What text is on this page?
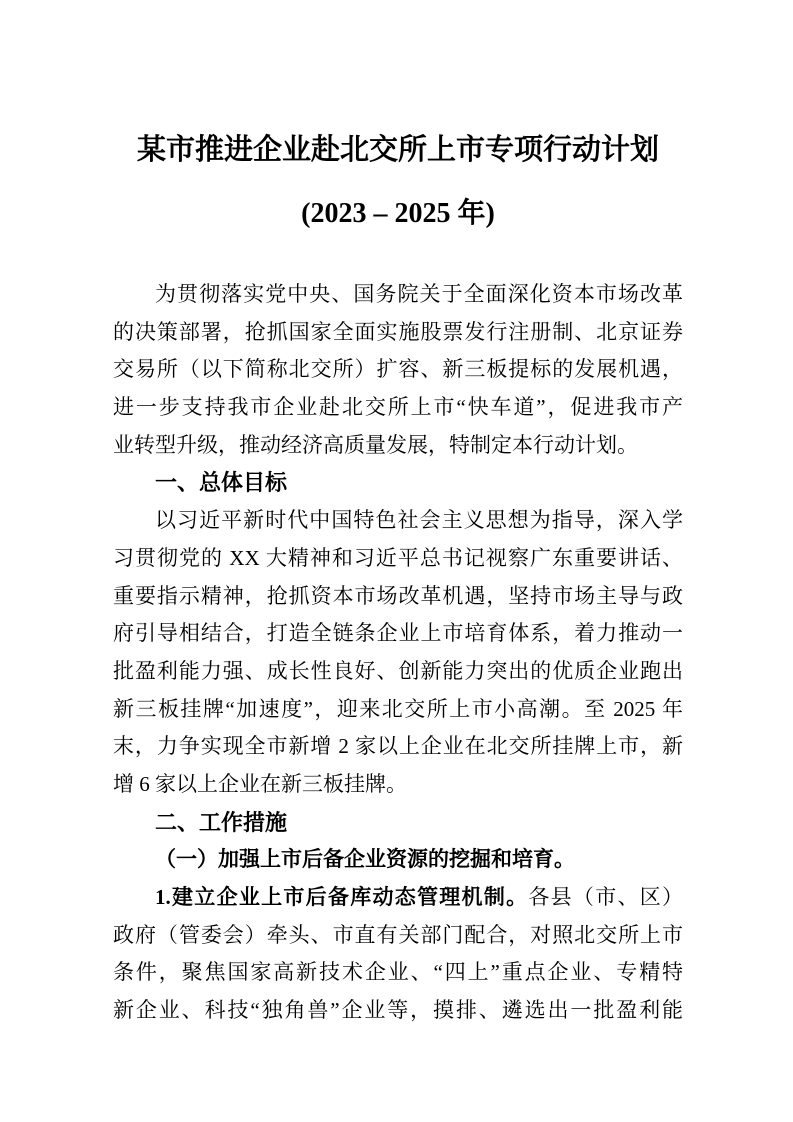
某市推进企业赴北交所上市专项行动计划
(2023 – 2025 年)
为贯彻落实党中央、国务院关于全面深化资本市场改革
的决策部署，抢抓国家全面实施股票发行注册制、北京证券
交易所（以下简称北交所）扩容、新三板提标的发展机遇，
进一步支持我市企业赴北交所上市“快车道”，促进我市产
业转型升级，推动经济高质量发展，特制定本行动计划。
一、总体目标
以习近平新时代中国特色社会主义思想为指导，深入学
习贯彻党的 XX 大精神和习近平总书记视察广东重要讲话、
重要指示精神，抢抓资本市场改革机遇，坚持市场主导与政
府引导相结合，打造全链条企业上市培育体系，着力推动一
批盈利能力强、成长性良好、创新能力突出的优质企业跑出
新三板挂牌“加速度”，迎来北交所上市小高潮。至 2025 年
末，力争实现全市新增 2 家以上企业在北交所挂牌上市，新
增 6 家以上企业在新三板挂牌。
二、工作措施
（一）加强上市后备企业资源的挖掘和培育。
1.建立企业上市后备库动态管理机制。各县（市、区）
政府（管委会）牵头、市直有关部门配合，对照北交所上市
条件，聚焦国家高新技术企业、“四上”重点企业、专精特
新企业、科技“独角兽”企业等，摸排、遴选出一批盈利能
